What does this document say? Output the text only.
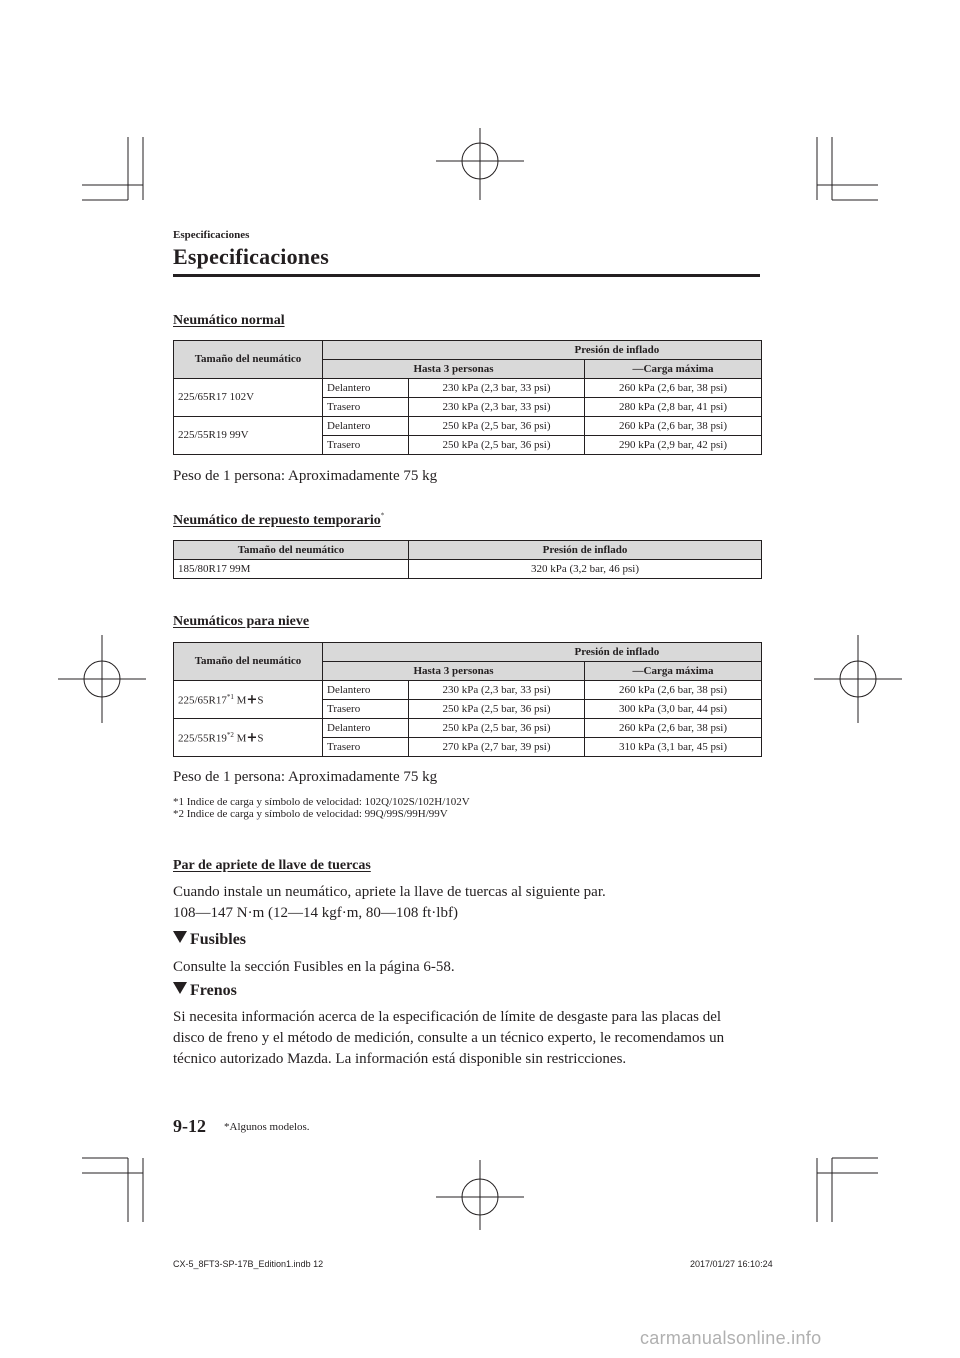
Especificaciones
Especificaciones
Neumático normal
Tamaño del neumático			Presión de inflado
	Hasta 3 personas		—Carga máxima
225/65R17 102V	Delantero	230 kPa (2,3 bar, 33 psi)	260 kPa (2,6 bar, 38 psi)
	Trasero	230 kPa (2,3 bar, 33 psi)	280 kPa (2,8 bar, 41 psi)
225/55R19 99V	Delantero	250 kPa (2,5 bar, 36 psi)	260 kPa (2,6 bar, 38 psi)
	Trasero	250 kPa (2,5 bar, 36 psi)	290 kPa (2,9 bar, 42 psi)
Peso de 1 persona: Aproximadamente 75 kg
Neumático de repuesto temporario*
Tamaño del neumático	Presión de inflado
185/80R17 99M	320 kPa (3,2 bar, 46 psi)
Neumáticos para nieve
Tamaño del neumático			Presión de inflado
	Hasta 3 personas		—Carga máxima
225/65R17$^{*1}$ M+S	Delantero	230 kPa (2,3 bar, 33 psi)	260 kPa (2,6 bar, 38 psi)
	Trasero	250 kPa (2,5 bar, 36 psi)	300 kPa (3,0 bar, 44 psi)
225/55R19$^{*2}$ M+S	Delantero	250 kPa (2,5 bar, 36 psi)	260 kPa (2,6 bar, 38 psi)
	Trasero	270 kPa (2,7 bar, 39 psi)	310 kPa (3,1 bar, 45 psi)
Peso de 1 persona: Aproximadamente 75 kg
*1 Indice de carga y símbolo de velocidad: 102Q/102S/102H/102V
*2 Indice de carga y símbolo de velocidad: 99Q/99S/99H/99V
Par de apriete de llave de tuercas
Cuando instale un neumático, apriete la llave de tuercas al siguiente par.
108—147 N·m (12—14 kgf·m, 80—108 ft·lbf)
Fusibles
Consulte la sección Fusibles en la página 6-58.
Frenos
Si necesita información acerca de la especificación de límite de desgaste para las placas del
disco de freno y el método de medición, consulte a un técnico experto, le recomendamos un
técnico autorizado Mazda. La información está disponible sin restricciones.
9-12 *Algunos modelos.
CX-5_8FT3-SP-17B_Edition1.indb 12	2017/01/27 16:10:24
carmanualsonline.info
